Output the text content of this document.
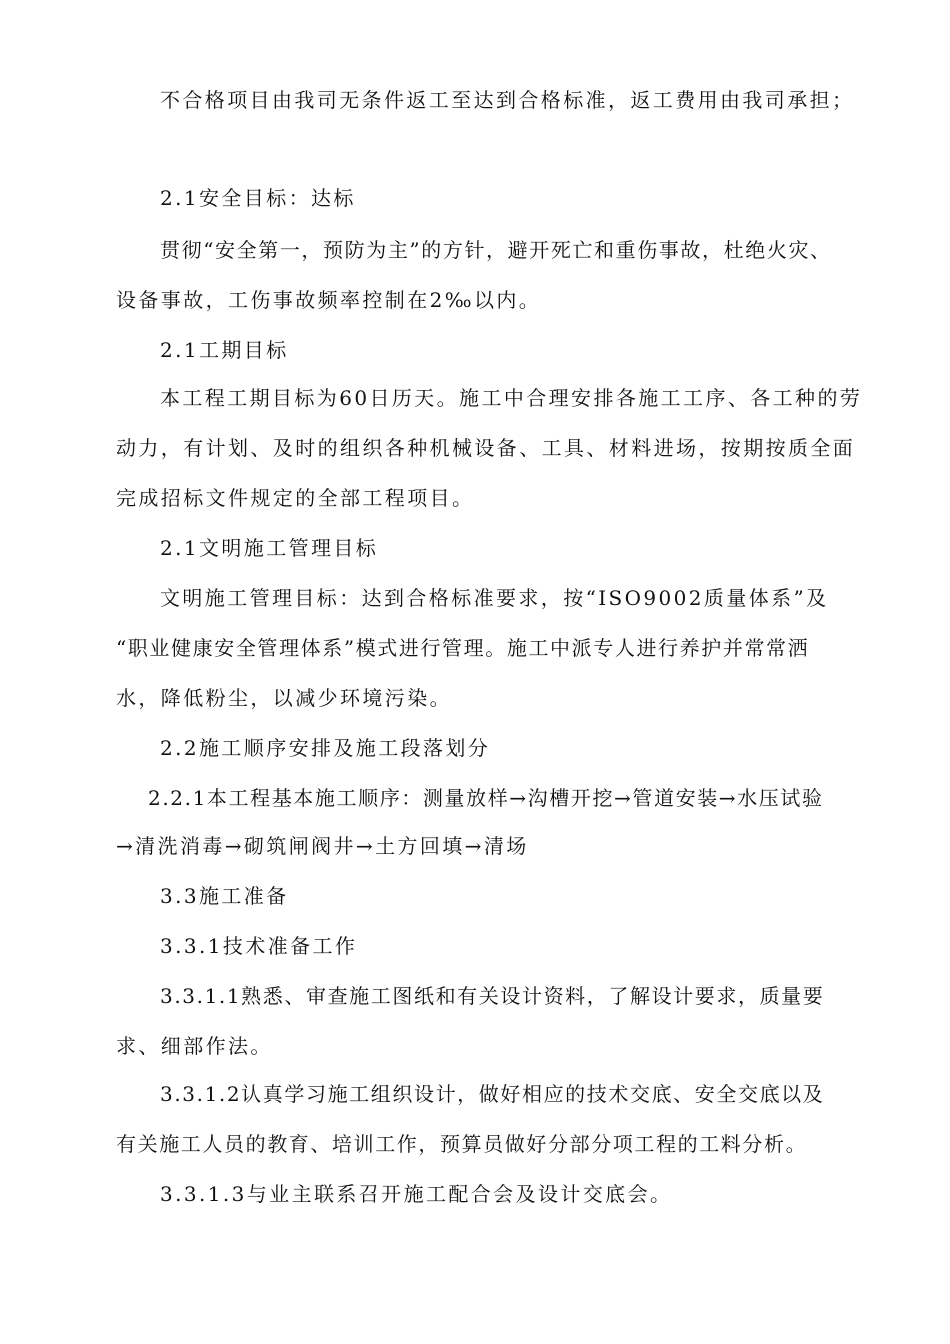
不合格项目由我司无条件返工至达到合格标准，返工费用由我司承担；
2.1安全目标：达标
贯彻“安全第一，预防为主”的方针，避开死亡和重伤事故，杜绝火灾、
设备事故，工伤事故频率控制在2‰以内。
2.1工期目标
本工程工期目标为60日历天。施工中合理安排各施工工序、各工种的劳
动力，有计划、及时的组织各种机械设备、工具、材料进场，按期按质全面
完成招标文件规定的全部工程项目。
2.1文明施工管理目标
文明施工管理目标：达到合格标准要求，按“ISO9002质量体系”及
“职业健康安全管理体系”模式进行管理。施工中派专人进行养护并常常洒
水，降低粉尘，以减少环境污染。
2.2施工顺序安排及施工段落划分
2.2.1本工程基本施工顺序：测量放样→沟槽开挖→管道安装→水压试验
→清洗消毒→砌筑闸阀井→土方回填→清场
3.3施工准备
3.3.1技术准备工作
3.3.1.1熟悉、审查施工图纸和有关设计资料，了解设计要求，质量要
求、细部作法。
3.3.1.2认真学习施工组织设计，做好相应的技术交底、安全交底以及
有关施工人员的教育、培训工作，预算员做好分部分项工程的工料分析。
3.3.1.3与业主联系召开施工配合会及设计交底会。
